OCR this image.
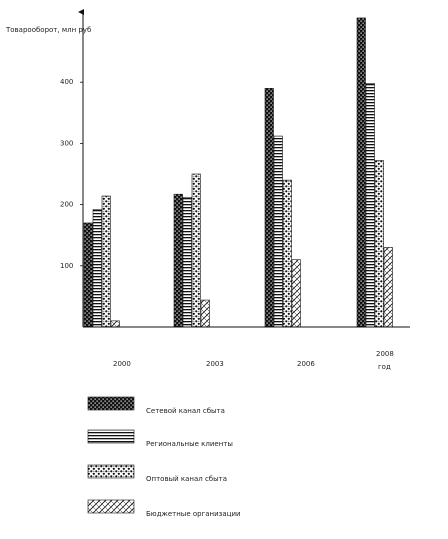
Товарооборот, млн руб
100
200
300
400
2000	2003	2006
2008
год
Сетевой канал сбыта
Региональные клиенты
Оптовый канал сбыта
Бюджетные организации
